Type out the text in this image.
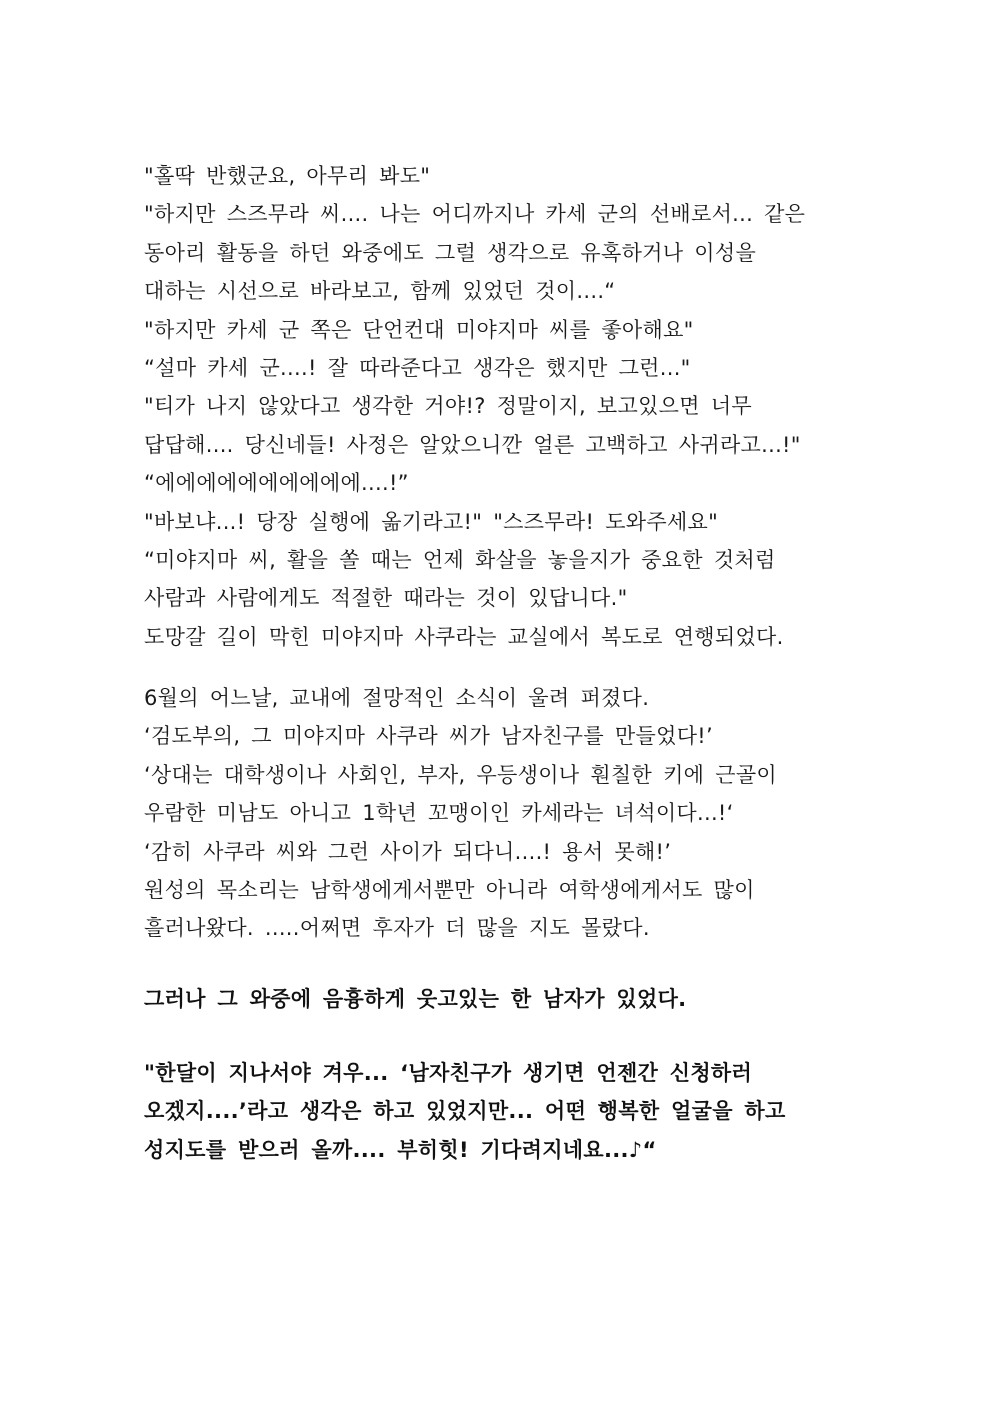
"홀딱 반했군요, 아무리 봐도"
"하지만 스즈무라 씨.... 나는 어디까지나 카세 군의 선배로서... 같은
동아리 활동을 하던 와중에도 그럴 생각으로 유혹하거나 이성을
대하는 시선으로 바라보고, 함께 있었던 것이....“
"하지만 카세 군 쪽은 단언컨대 미야지마 씨를 좋아해요"
“설마 카세 군....! 잘 따라준다고 생각은 했지만 그런..."
"티가 나지 않았다고 생각한 거야!? 정말이지, 보고있으면 너무
답답해.... 당신네들! 사정은 알았으니깐 얼른 고백하고 사귀라고...!"
“에에에에에에에에에에....!”
"바보냐...! 당장 실행에 옮기라고!" "스즈무라! 도와주세요"
“미야지마 씨, 활을 쏠 때는 언제 화살을 놓을지가 중요한 것처럼
사람과 사람에게도 적절한 때라는 것이 있답니다."
도망갈 길이 막힌 미야지마 사쿠라는 교실에서 복도로 연행되었다.
6월의 어느날, 교내에 절망적인 소식이 울려 퍼졌다.
‘검도부의, 그 미야지마 사쿠라 씨가 남자친구를 만들었다!’
‘상대는 대학생이나 사회인, 부자, 우등생이나 훤칠한 키에 근골이
우람한 미남도 아니고 1학년 꼬맹이인 카세라는 녀석이다...!‘
‘감히 사쿠라 씨와 그런 사이가 되다니....! 용서 못해!’
원성의 목소리는 남학생에게서뿐만 아니라 여학생에게서도 많이
흘러나왔다. .....어쩌면 후자가 더 많을 지도 몰랐다.
그러나 그 와중에 음흉하게 웃고있는 한 남자가 있었다.
"한달이 지나서야 겨우... ‘남자친구가 생기면 언젠간 신청하러
오겠지....’라고 생각은 하고 있었지만... 어떤 행복한 얼굴을 하고
성지도를 받으러 올까.... 부히힛! 기다려지네요...♪“
